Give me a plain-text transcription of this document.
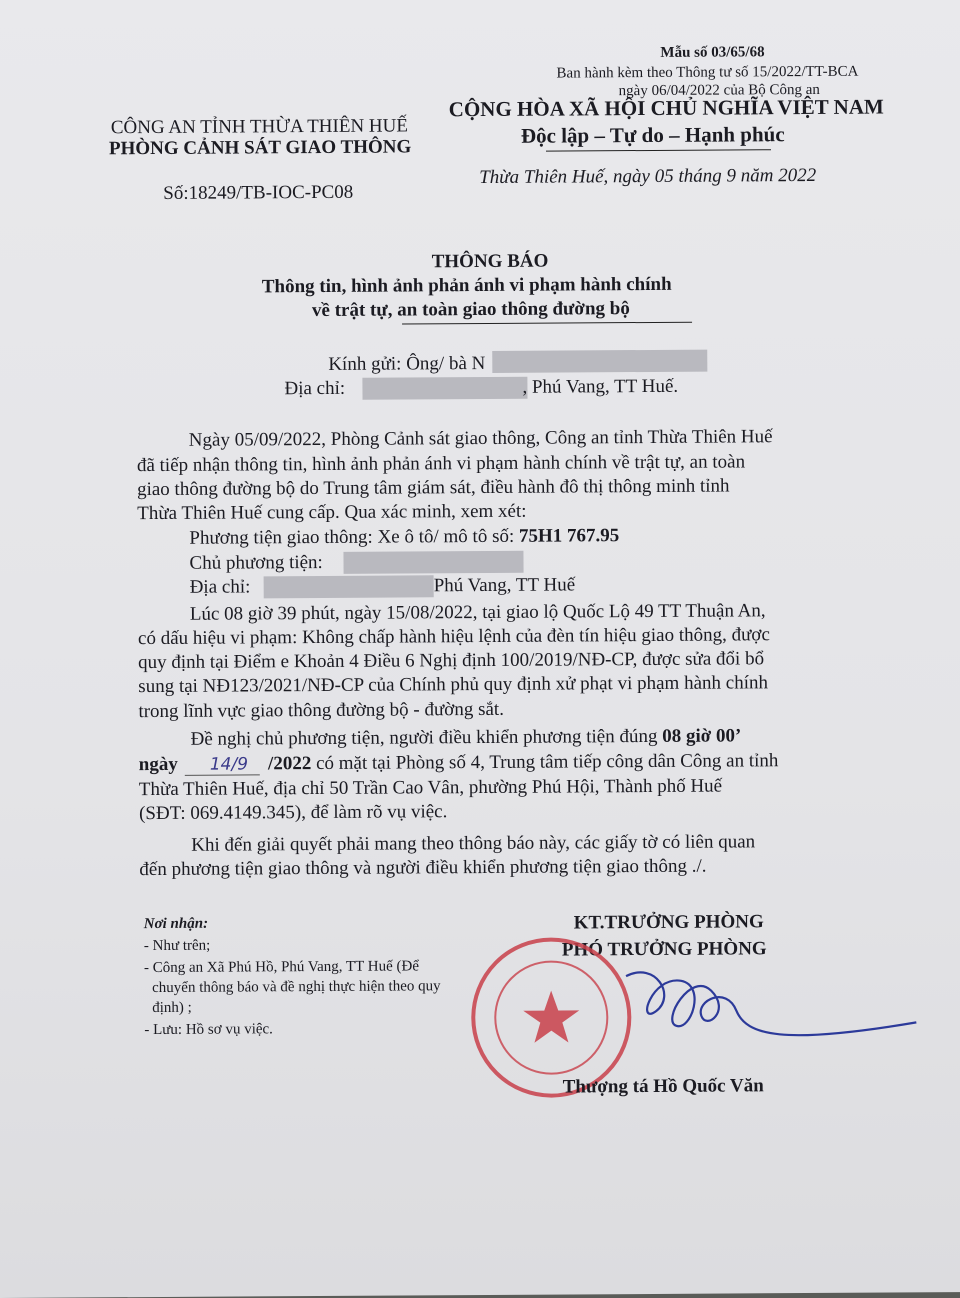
Mẫu số 03/65/68
Ban hành kèm theo Thông tư số 15/2022/TT-BCA
ngày 06/04/2022 của Bộ Công an
CÔNG AN TỈNH THỪA THIÊN HUẾ
PHÒNG CẢNH SÁT GIAO THÔNG
Số:18249/TB-IOC-PC08
CỘNG HÒA XÃ HỘI CHỦ NGHĨA VIỆT NAM
Độc lập – Tự do – Hạnh phúc
Thừa Thiên Huế, ngày 05 tháng 9 năm 2022
THÔNG BÁO
Thông tin, hình ảnh phản ánh vi phạm hành chính
về trật tự, an toàn giao thông đường bộ
Kính gửi: Ông/ bà N
Địa chỉ:	, Phú Vang, TT Huế.
Ngày 05/09/2022, Phòng Cảnh sát giao thông, Công an tỉnh Thừa Thiên Huế
đã tiếp nhận thông tin, hình ảnh phản ánh vi phạm hành chính về trật tự, an toàn
giao thông đường bộ do Trung tâm giám sát, điều hành đô thị thông minh tỉnh
Thừa Thiên Huế cung cấp. Qua xác minh, xem xét:
Phương tiện giao thông: Xe ô tô/ mô tô số: 75H1 767.95
Chủ phương tiện:
Địa chỉ:	Phú Vang, TT Huế
Lúc 08 giờ 39 phút, ngày 15/08/2022, tại giao lộ Quốc Lộ 49 TT Thuận An,
có dấu hiệu vi phạm: Không chấp hành hiệu lệnh của đèn tín hiệu giao thông, được
quy định tại Điểm e Khoản 4 Điều 6 Nghị định 100/2019/NĐ-CP, được sửa đổi bổ
sung tại NĐ123/2021/NĐ-CP của Chính phủ quy định xử phạt vi phạm hành chính
trong lĩnh vực giao thông đường bộ - đường sắt.
Đề nghị chủ phương tiện, người điều khiển phương tiện đúng 08 giờ 00’
ngày 14/9 /2022 có mặt tại Phòng số 4, Trung tâm tiếp công dân Công an tỉnh
Thừa Thiên Huế, địa chỉ 50 Trần Cao Vân, phường Phú Hội, Thành phố Huế
(SĐT: 069.4149.345), để làm rõ vụ việc.
Khi đến giải quyết phải mang theo thông báo này, các giấy tờ có liên quan
đến phương tiện giao thông và người điều khiển phương tiện giao thông ./.
Nơi nhận:
- Như trên;
- Công an Xã Phú Hồ, Phú Vang, TT Huế (Để
chuyển thông báo và đề nghị thực hiện theo quy
định) ;
- Lưu: Hồ sơ vụ việc.
KT.TRƯỞNG PHÒNG
PHÓ TRƯỞNG PHÒNG
Thượng tá Hồ Quốc Văn
